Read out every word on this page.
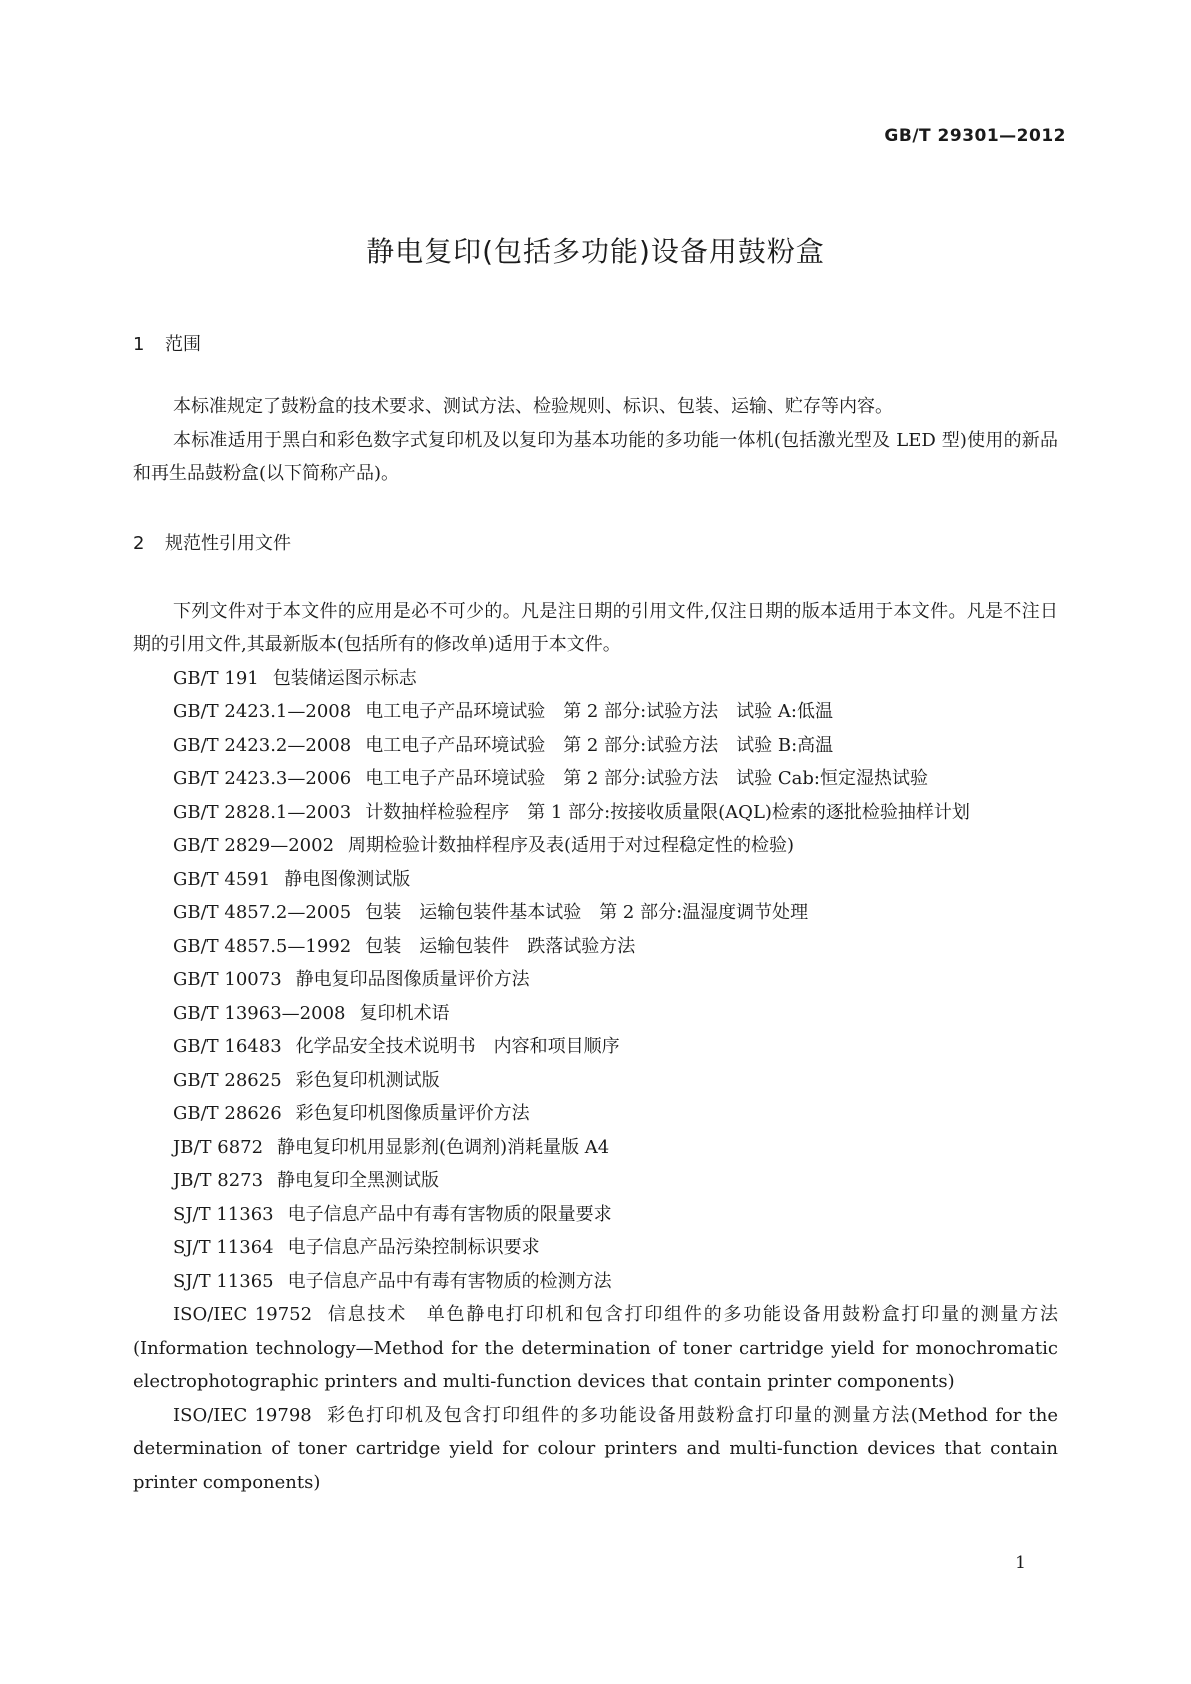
GB/T 29301—2012
静电复印(包括多功能)设备用鼓粉盒
1 范围

本标准规定了鼓粉盒的技术要求、测试方法、检验规则、标识、包装、运输、贮存等内容。

本标准适用于黑白和彩色数字式复印机及以复印为基本功能的多功能一体机(包括激光型及 LED 型)使用的新品和再生品鼓粉盒(以下简称产品)。

2 规范性引用文件

下列文件对于本文件的应用是必不可少的。凡是注日期的引用文件,仅注日期的版本适用于本文件。凡是不注日期的引用文件,其最新版本(包括所有的修改单)适用于本文件。

GB/T 191 包装储运图示标志
GB/T 2423.1—2008 电工电子产品环境试验　第 2 部分:试验方法　试验 A:低温
GB/T 2423.2—2008 电工电子产品环境试验　第 2 部分:试验方法　试验 B:高温
GB/T 2423.3—2006 电工电子产品环境试验　第 2 部分:试验方法　试验 Cab:恒定湿热试验
GB/T 2828.1—2003 计数抽样检验程序　第 1 部分:按接收质量限(AQL)检索的逐批检验抽样计划
GB/T 2829—2002 周期检验计数抽样程序及表(适用于对过程稳定性的检验)
GB/T 4591 静电图像测试版
GB/T 4857.2—2005 包装　运输包装件基本试验　第 2 部分:温湿度调节处理
GB/T 4857.5—1992 包装　运输包装件　跌落试验方法
GB/T 10073 静电复印品图像质量评价方法
GB/T 13963—2008 复印机术语
GB/T 16483 化学品安全技术说明书　内容和项目顺序
GB/T 28625 彩色复印机测试版
GB/T 28626 彩色复印机图像质量评价方法
JB/T 6872 静电复印机用显影剂(色调剂)消耗量版 A4
JB/T 8273 静电复印全黑测试版
SJ/T 11363 电子信息产品中有毒有害物质的限量要求
SJ/T 11364 电子信息产品污染控制标识要求
SJ/T 11365 电子信息产品中有毒有害物质的检测方法
ISO/IEC 19752 信息技术　单色静电打印机和包含打印组件的多功能设备用鼓粉盒打印量的测量方法(Information technology—Method for the determination of toner cartridge yield for monochromatic electrophotographic printers and multi-function devices that contain printer components)
ISO/IEC 19798 彩色打印机及包含打印组件的多功能设备用鼓粉盒打印量的测量方法(Method for the determination of toner cartridge yield for colour printers and multi-function devices that contain printer components)
1
